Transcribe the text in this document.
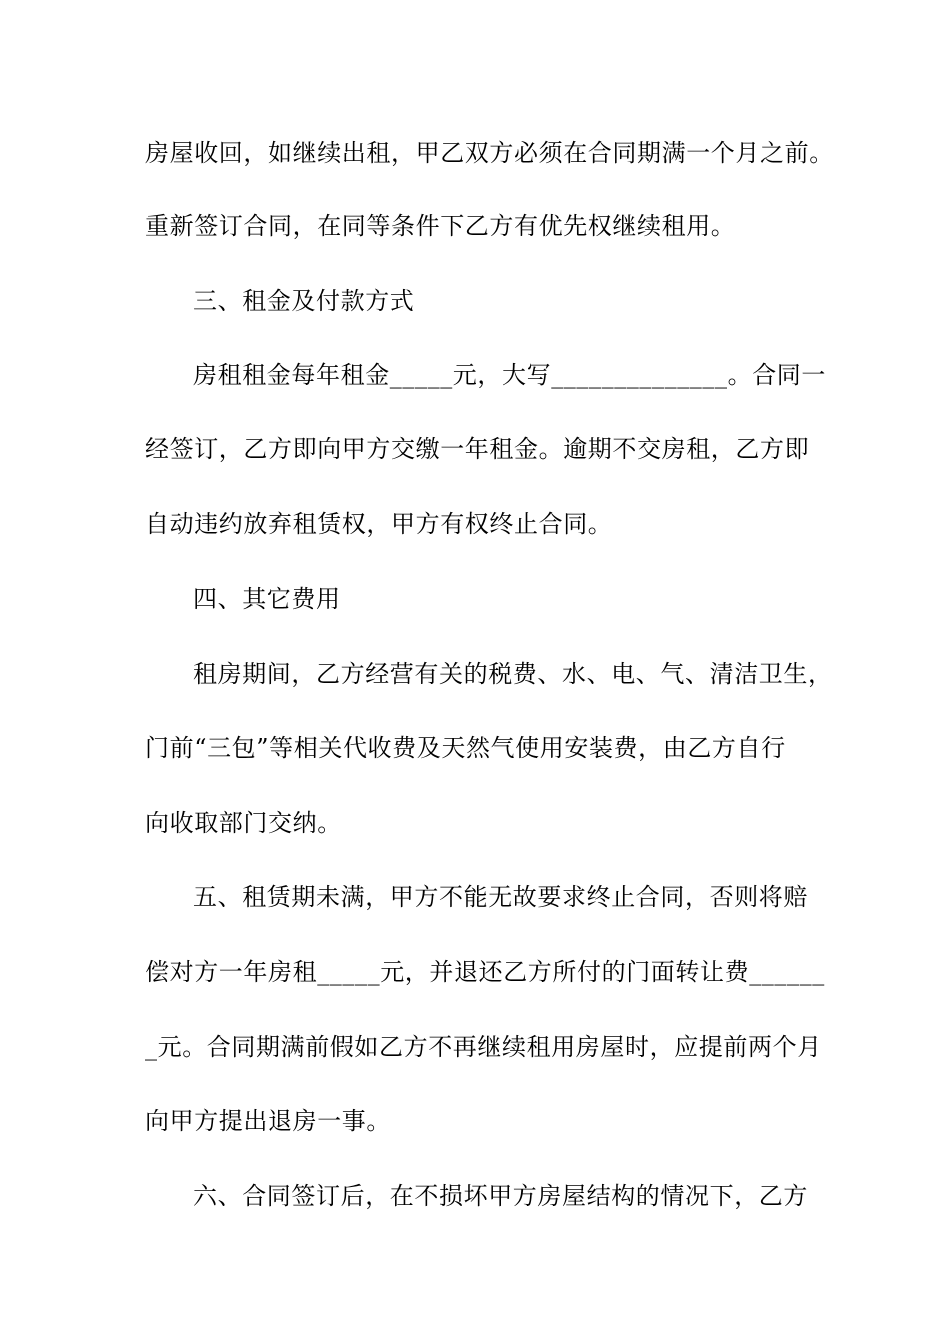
房屋收回，如继续出租，甲乙双方必须在合同期满一个月之前。
重新签订合同，在同等条件下乙方有优先权继续租用。
三、租金及付款方式
房租租金每年租金_____元，大写______________。合同一
经签订，乙方即向甲方交缴一年租金。逾期不交房租，乙方即
自动违约放弃租赁权，甲方有权终止合同。
四、其它费用
租房期间，乙方经营有关的税费、水、电、气、清洁卫生，
门前“三包”等相关代收费及天然气使用安装费，由乙方自行
向收取部门交纳。
五、租赁期未满，甲方不能无故要求终止合同，否则将赔
偿对方一年房租_____元，并退还乙方所付的门面转让费______
_元。合同期满前假如乙方不再继续租用房屋时，应提前两个月
向甲方提出退房一事。
六、合同签订后，在不损坏甲方房屋结构的情况下，乙方
